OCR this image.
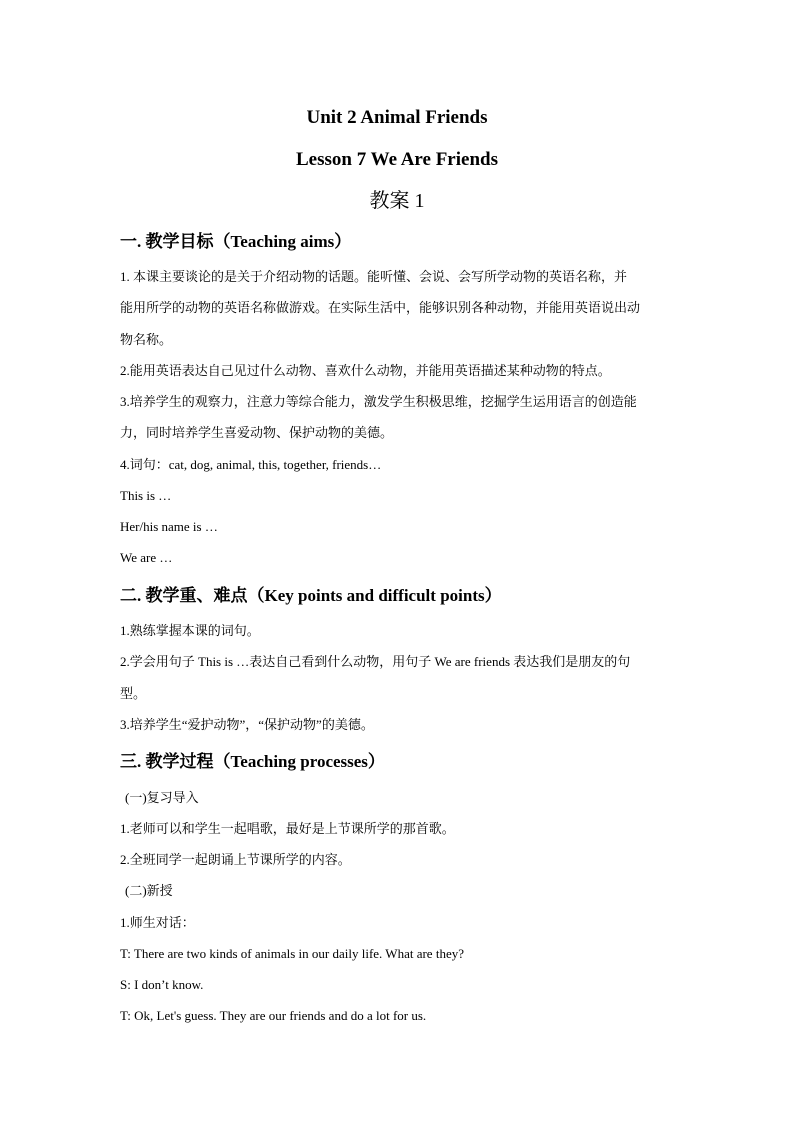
Unit 2 Animal Friends
Lesson 7 We Are Friends
教案 1
一. 教学目标（Teaching aims）
1. 本课主要谈论的是关于介绍动物的话题。能听懂、会说、会写所学动物的英语名称，并
能用所学的动物的英语名称做游戏。在实际生活中，能够识别各种动物，并能用英语说出动
物名称。
2.能用英语表达自己见过什么动物、喜欢什么动物，并能用英语描述某种动物的特点。
3.培养学生的观察力，注意力等综合能力，激发学生积极思维，挖掘学生运用语言的创造能
力，同时培养学生喜爱动物、保护动物的美德。
4.词句：cat, dog, animal, this, together, friends…
This is …
Her/his name is …
We are …
二. 教学重、难点（Key points and difficult points）
1.熟练掌握本课的词句。
2.学会用句子 This is …表达自己看到什么动物，用句子 We are friends 表达我们是朋友的句
型。
3.培养学生“爱护动物”，“保护动物”的美德。
三. 教学过程（Teaching processes）
(一)复习导入
1.老师可以和学生一起唱歌，最好是上节课所学的那首歌。
2.全班同学一起朗诵上节课所学的内容。
(二)新授
1.师生对话：
T: There are two kinds of animals in our daily life. What are they?
S: I don’t know.
T: Ok, Let's guess. They are our friends and do a lot for us.
